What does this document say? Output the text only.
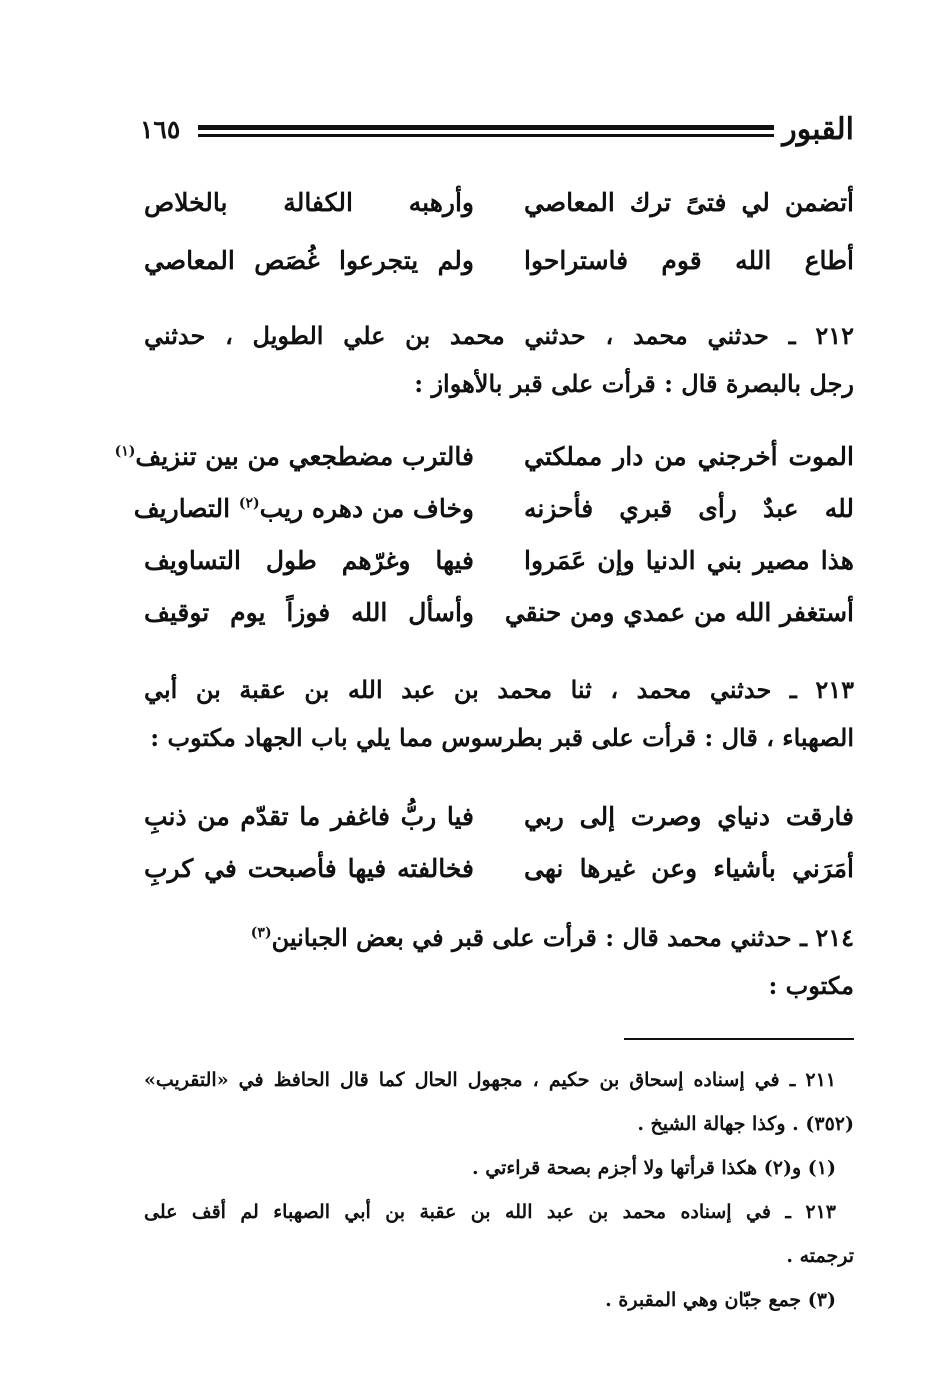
القبور
١٦٥
أتضمن لي فتىً ترك المعاصي
وأرهبه الكفالة بالخلاص
أطاع الله قوم فاستراحوا
ولم يتجرعوا غُصَص المعاصي
٢١٢ ـ حدثني محمد ، حدثني محمد بن علي الطويل ، حدثني
رجل بالبصرة قال : قرأت على قبر بالأهواز :
الموت أخرجني من دار مملكتي
فالترب مضطجعي من بين تنزيف$^{(١)}$
لله عبدٌ رأى قبري فأحزنه
وخاف من دهره ريب$^{(٢)}$ التصاريف
هذا مصير بني الدنيا وإن عَمَروا
فيها وغرّهم طول التساويف
أستغفر الله من عمدي ومن حنقي
وأسأل الله فوزاً يوم توقيف
٢١٣ ـ حدثني محمد ، ثنا محمد بن عبد الله بن عقبة بن أبي
الصهباء ، قال : قرأت على قبر بطرسوس مما يلي باب الجهاد مكتوب :
فارقت دنياي وصرت إلى ربي
فيا ربُّ فاغفر ما تقدّم من ذنبِ
أمَرَني بأشياء وعن غيرها نهى
فخالفته فيها فأصبحت في كربِ
٢١٤ ـ حدثني محمد قال : قرأت على قبر في بعض الجبانين$^{(٣)}$
مكتوب :
٢١١ ـ في إسناده إسحاق بن حكيم ، مجهول الحال كما قال الحافظ في «التقريب»
(٣٥٢) . وكذا جهالة الشيخ .
(١) و(٢) هكذا قرأتها ولا أجزم بصحة قراءتي .
٢١٣ ـ في إسناده محمد بن عبد الله بن عقبة بن أبي الصهباء لم أقف على
ترجمته .
(٣) جمع جبّان وهي المقبرة .
